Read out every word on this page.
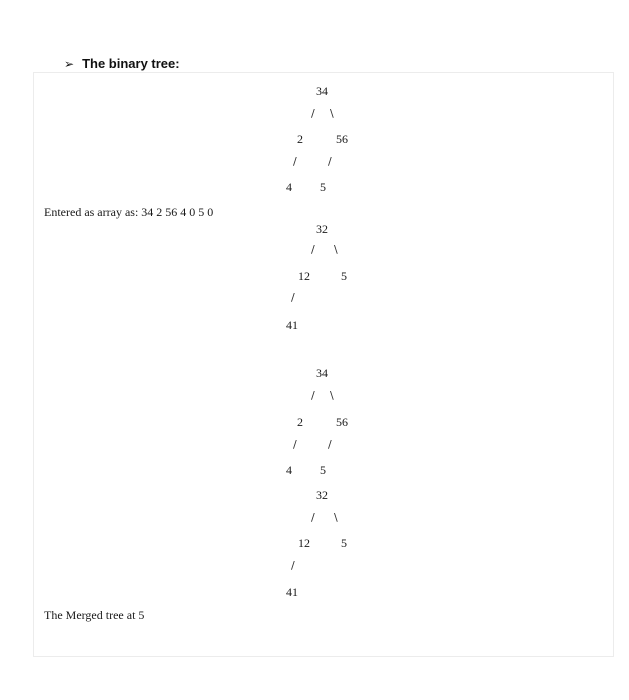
➢ The binary tree:
34
/ \
2	56
/	/
4 5
Entered as array as: 34 2 56 4 0 5 0
32
/ \
12	5
/
41
34
/ \
2	56
/	/
4 5
32
/ \
12	5
/
41
The Merged tree at 5
